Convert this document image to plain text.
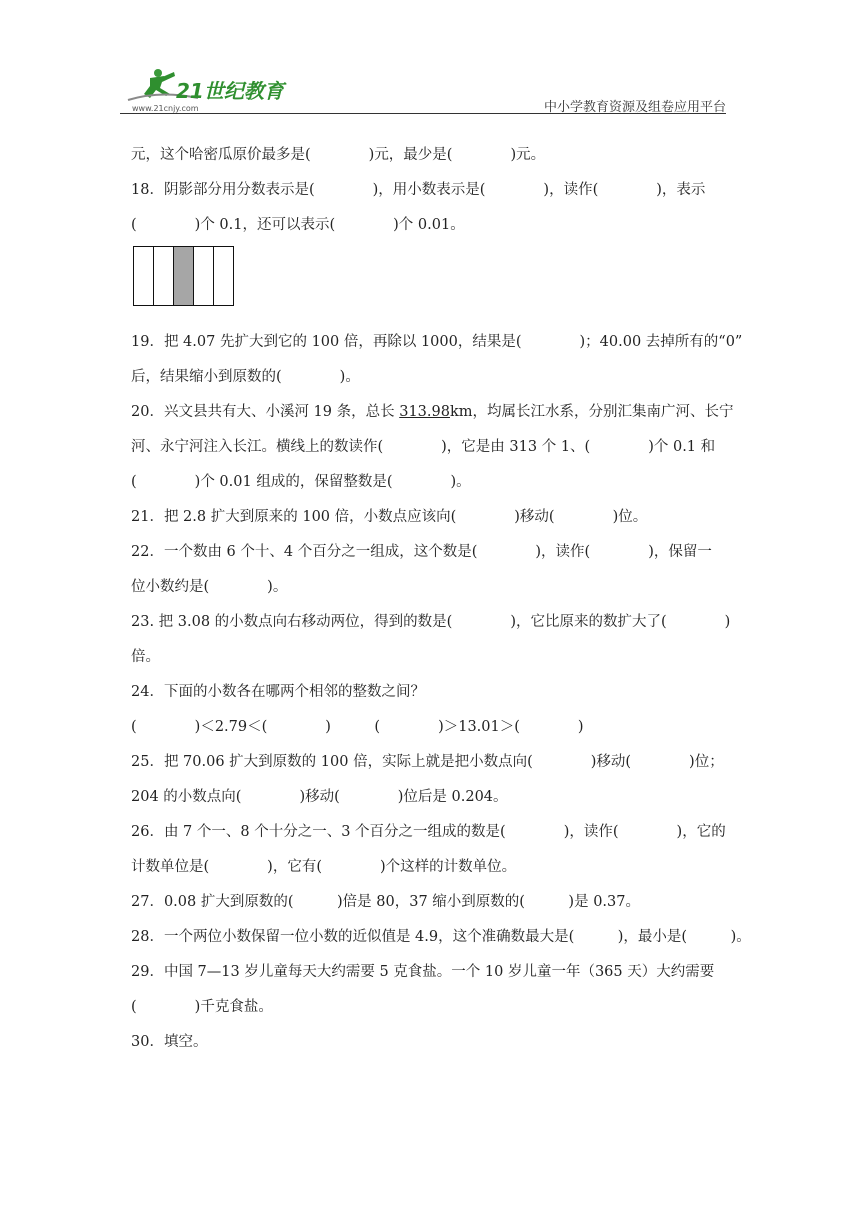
21世纪教育
www.21cnjy.com	中小学教育资源及组卷应用平台
元，这个哈密瓜原价最多是(　　　　)元，最少是(　　　　)元。
18．阴影部分用分数表示是(　　　　)，用小数表示是(　　　　)，读作(　　　　)，表示
(　　　　)个 0.1，还可以表示(　　　　)个 0.01。
19．把 4.07 先扩大到它的 100 倍，再除以 1000，结果是(　　　　)；40.00 去掉所有的“0”
后，结果缩小到原数的(　　　　)。
20．兴文县共有大、小溪河 19 条，总长 313.98km，均属长江水系，分别汇集南广河、长宁
河、永宁河注入长江。横线上的数读作(　　　　)，它是由 313 个 1、(　　　　)个 0.1 和
(　　　　)个 0.01 组成的，保留整数是(　　　　)。
21．把 2.8 扩大到原来的 100 倍，小数点应该向(　　　　)移动(　　　　)位。
22．一个数由 6 个十、4 个百分之一组成，这个数是(　　　　)，读作(　　　　)，保留一
位小数约是(　　　　)。
23. 把 3.08 的小数点向右移动两位，得到的数是(　　　　)，它比原来的数扩大了(　　　　)
倍。
24．下面的小数各在哪两个相邻的整数之间？
(　　　　)＜2.79＜(　　　　)　　　(　　　　)＞13.01＞(　　　　)
25．把 70.06 扩大到原数的 100 倍，实际上就是把小数点向(　　　　)移动(　　　　)位；
204 的小数点向(　　　　)移动(　　　　)位后是 0.204。
26．由 7 个一、8 个十分之一、3 个百分之一组成的数是(　　　　)，读作(　　　　)，它的
计数单位是(　　　　)，它有(　　　　)个这样的计数单位。
27．0.08 扩大到原数的(　　　)倍是 80，37 缩小到原数的(　　　)是 0.37。
28．一个两位小数保留一位小数的近似值是 4.9，这个准确数最大是(　　　)，最小是(　　　)。
29．中国 7—13 岁儿童每天大约需要 5 克食盐。一个 10 岁儿童一年（365 天）大约需要
(　　　　)千克食盐。
30．填空。
